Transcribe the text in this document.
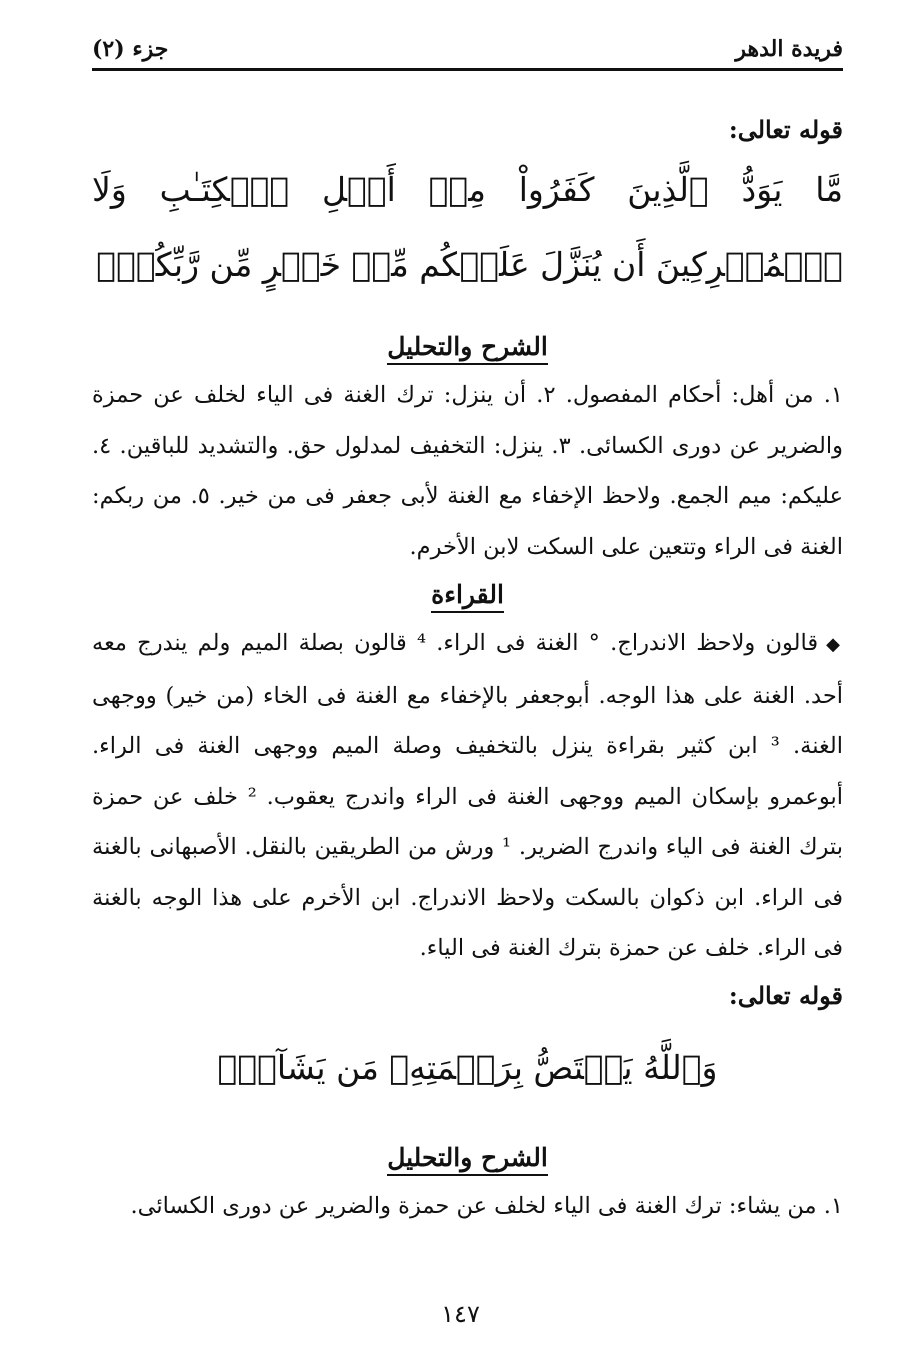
فريدة الدهر
جزء (٢)

قوله تعالى:

مَّا يَوَدُّ ٱلَّذِينَ كَفَرُواْ مِنۡ أَهۡلِ ٱلۡكِتَـٰبِ وَلَا ٱلۡمُشۡرِكِينَ أَن يُنَزَّلَ عَلَيۡكُم مِّنۡ خَيۡرٍ مِّن رَّبِّكُمۡۗ

الشرح والتحليل

١. من أهل: أحكام المفصول. ٢. أن ينزل: ترك الغنة فى الياء لخلف عن حمزة والضرير عن دورى الكسائى. ٣. ينزل: التخفيف لمدلول حق. والتشديد للباقين. ٤. عليكم: ميم الجمع. ولاحظ الإخفاء مع الغنة لأبى جعفر فى من خير. ٥. من ربكم: الغنة فى الراء وتتعين على السكت لابن الأخرم.

القراءة

◆قالون ولاحظ الاندراج. ° الغنة فى الراء. ⁴ قالون بصلة الميم ولم يندرج معه أحد. الغنة على هذا الوجه. أبوجعفر بالإخفاء مع الغنة فى الخاء (من خير) ووجهى الغنة. ³ ابن كثير بقراءة ينزل بالتخفيف وصلة الميم ووجهى الغنة فى الراء. أبوعمرو بإسكان الميم ووجهى الغنة فى الراء واندرج يعقوب. ² خلف عن حمزة بترك الغنة فى الياء واندرج الضرير. ¹ ورش من الطريقين بالنقل. الأصبهانى بالغنة فى الراء. ابن ذكوان بالسكت ولاحظ الاندراج. ابن الأخرم على هذا الوجه بالغنة فى الراء. خلف عن حمزة بترك الغنة فى الياء.

قوله تعالى:

وَٱللَّهُ يَخۡتَصُّ بِرَحۡمَتِهِۦ مَن يَشَآءُۚ

الشرح والتحليل

١. من يشاء: ترك الغنة فى الياء لخلف عن حمزة والضرير عن دورى الكسائى.

١٤٧
